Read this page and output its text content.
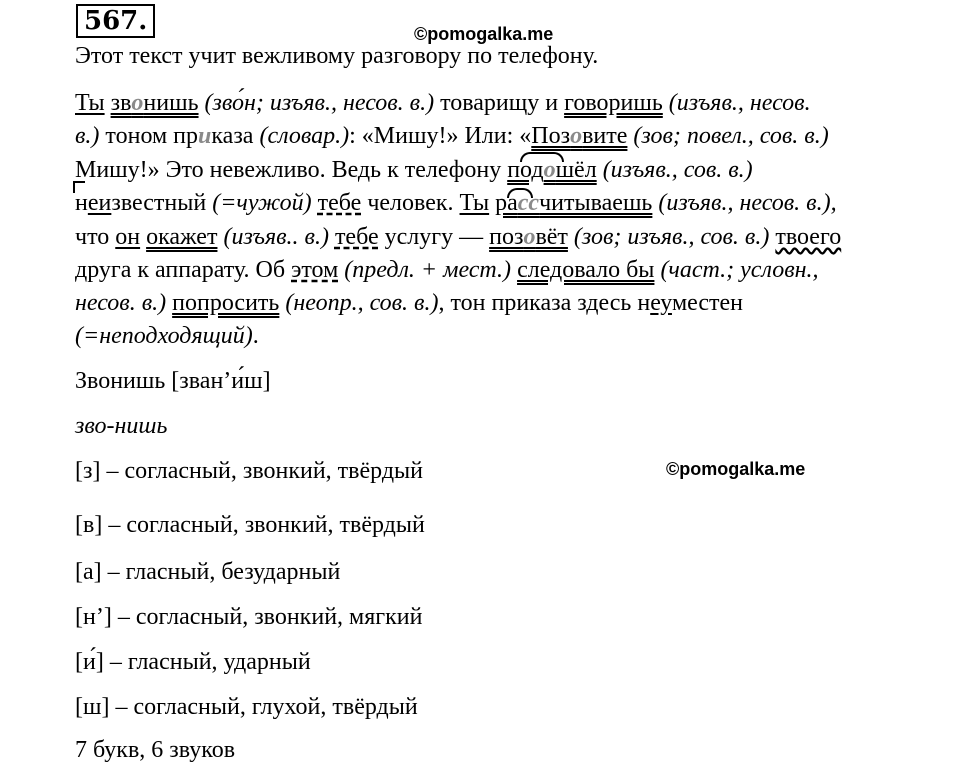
567.	©pomogalka.me
Этот текст учит вежливому разговору по телефону.
Ты звонишь (зво́н; изъяв., несов. в.) товарищу и говоришь (изъяв., несов.
в.) тоном приказа (словар.): «Мишу!» Или: «Позовите (зов; повел., сов. в.)
Мишу!» Это невежливо. Ведь к телефону подошёл (изъяв., сов. в.)
неизвестный (=чужой) тебе человек. Ты рассчитываешь (изъяв., несов. в.),
что он окажет (изъяв.. в.) тебе услугу — позовёт (зов; изъяв., сов. в.) твоего
друга к аппарату. Об этом (предл. + мест.) следовало бы (част.; условн.,
несов. в.) попросить (неопр., сов. в.), тон приказа здесь неуместен
(=неподходящий).
Звонишь [зван’и́ш]
зво-нишь
[з] – согласный, звонкий, твёрдый	©pomogalka.me
[в] – согласный, звонкий, твёрдый
[а] – гласный, безударный
[н’] – согласный, звонкий, мягкий
[и́] – гласный, ударный
[ш] – согласный, глухой, твёрдый
7 букв, 6 звуков
